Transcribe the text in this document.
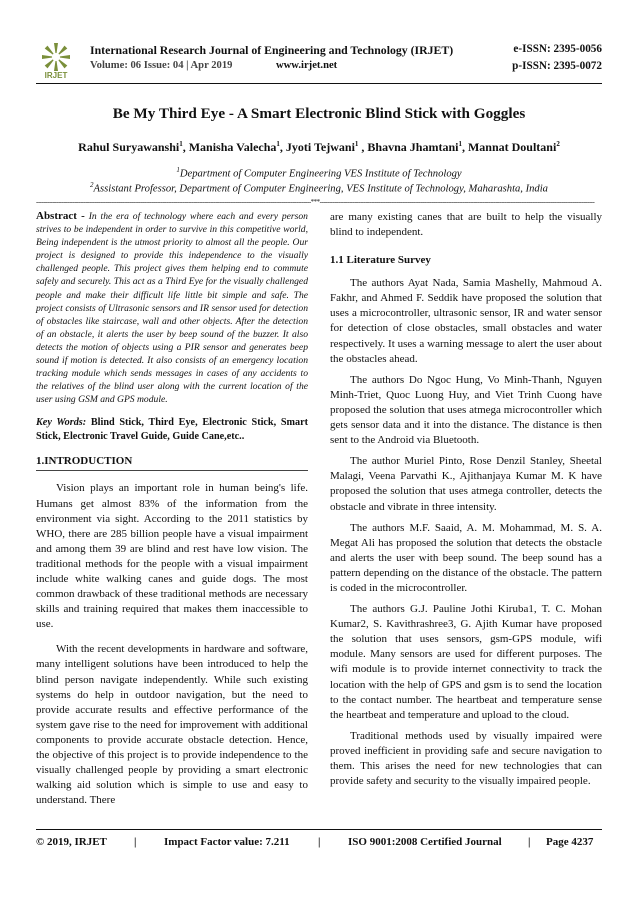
IRJET
International Research Journal of Engineering and Technology (IRJET)	e-ISSN: 2395-0056
Volume: 06 Issue: 04 | Apr 2019	www.irjet.net	p-ISSN: 2395-0072
Be My Third Eye - A Smart Electronic Blind Stick with Goggles
Rahul Suryawanshi$^1$, Manisha Valecha$^1$, Jyoti Tejwani$^1$ , Bhavna Jhamtani$^1$, Mannat Doultani$^2$
$^1$Department of Computer Engineering VES Institute of Technology
$^2$Assistant Professor, Department of Computer Engineering, VES Institute of Technology, Maharashta, India
------------------------------------------------------------------------------------------------------------------------------------------------------***------------------------------------------------------------------------------------------------------------------------------------------------------

Abstract - In the era of technology where each and every person strives to be independent in order to survive in this competitive world, Being independent is the utmost priority to almost all the people. Our project is designed to provide this independence to the visually challenged people. This project gives them helping end to commute safely and securely. This act as a Third Eye for the visually challenged people and make their difficult life little bit simple and safe. The project consists of Ultrasonic sensors and IR sensor used for detection of obstacles like staircase, wall and other objects. After the detection of an obstacle, it alerts the user by beep sound of the buzzer. It also detects the motion of objects using a PIR sensor and generates beep sound if motion is detected. It also consists of an emergency location tracking module which sends messages in cases of any accidents to the relatives of the blind user along with the current location of the user using GSM and GPS module.

Key Words: Blind Stick, Third Eye, Electronic Stick, Smart Stick, Electronic Travel Guide, Guide Cane,etc..

1.INTRODUCTION

Vision plays an important role in human being's life. Humans get almost 83% of the information from the environment via sight. According to the 2011 statistics by WHO, there are 285 billion people have a visual impairment and among them 39 are blind and rest have low vision. The traditional methods for the people with a visual impairment include white walking canes and guide dogs. The most common drawback of these traditional methods are necessary skills and training required that makes them inaccessible to use.

With the recent developments in hardware and software, many intelligent solutions have been introduced to help the blind person navigate independently. While such existing systems do help in outdoor navigation, but the need to provide accurate results and effective performance of the system gave rise to the need for improvement with additional components to provide accurate obstacle detection. Hence, the objective of this project is to provide independence to the visually challenged people by providing a smart electronic walking aid solution which is simple to use and easy to understand. There

are many existing canes that are built to help the visually blind to independent.

1.1 Literature Survey

The authors Ayat Nada, Samia Mashelly, Mahmoud A. Fakhr, and Ahmed F. Seddik have proposed the solution that uses a microcontroller, ultrasonic sensor, IR and water sensor for detection of close obstacles, small obstacles and water respectively. It uses a warning message to alert the user about the obstacles ahead.

The authors Do Ngoc Hung, Vo Minh-Thanh, Nguyen Minh-Triet, Quoc Luong Huy, and Viet Trinh Cuong have proposed the solution that uses atmega microcontroller which gets sensor data and it into the distance. The distance is then sent to the Android via Bluetooth.

The author Muriel Pinto, Rose Denzil Stanley, Sheetal Malagi, Veena Parvathi K., Ajithanjaya Kumar M. K have proposed the solution that uses atmega controller, detects the obstacle and vibrate in three intensity.

The authors M.F. Saaid, A. M. Mohammad, M. S. A. Megat Ali has proposed the solution that detects the obstacle and alerts the user with beep sound. The beep sound has a pattern depending on the distance of the obstacle. The pattern is coded in the microcontroller.

The authors G.J. Pauline Jothi Kiruba1, T. C. Mohan Kumar2, S. Kavithrashree3, G. Ajith Kumar have proposed the solution that uses sensors, gsm-GPS module, wifi module. Many sensors are used for different purposes. The wifi module is to provide internet connectivity to track the location with the help of GPS and gsm is to send the location to the contact number. The heartbeat and temperature sense the heartbeat and temperature and upload to the cloud.

Traditional methods used by visually impaired were proved inefficient in providing safe and secure navigation to them. This arises the need for new technologies that can provide safety and security to the visually impaired people.

© 2019, IRJET |	Impact Factor value: 7.211	|	ISO 9001:2008 Certified Journal | Page 4237
